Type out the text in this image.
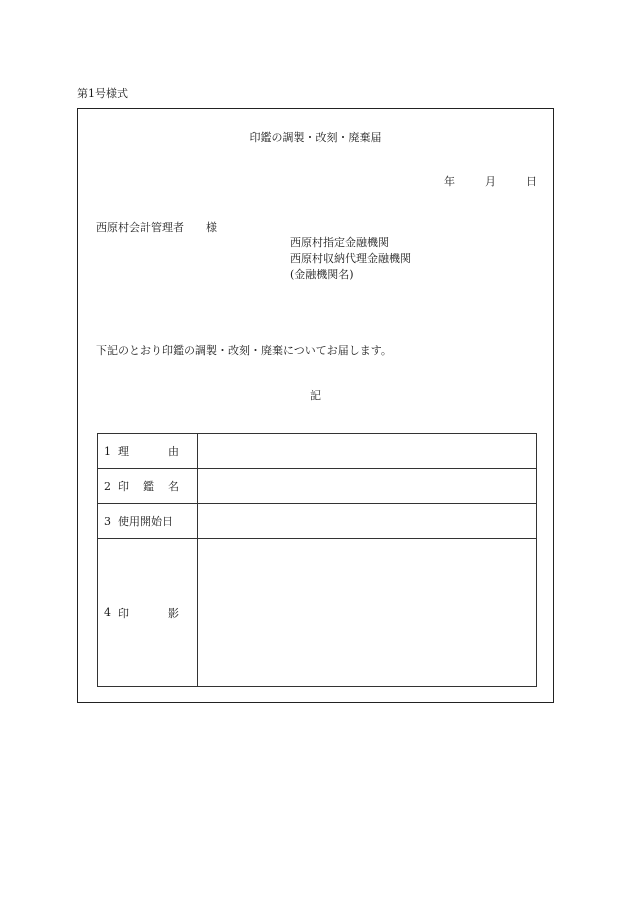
第1号様式
印鑑の調製・改刻・廃棄届
年	月	日
西原村会計管理者 様
西原村指定金融機関
西原村収納代理金融機関
(金融機関名)
下記のとおり印鑑の調製・改刻・廃棄についてお届します。
記
1 理 由	

2 印 鑑 名	

3 使用開始日	

4 印 影	
